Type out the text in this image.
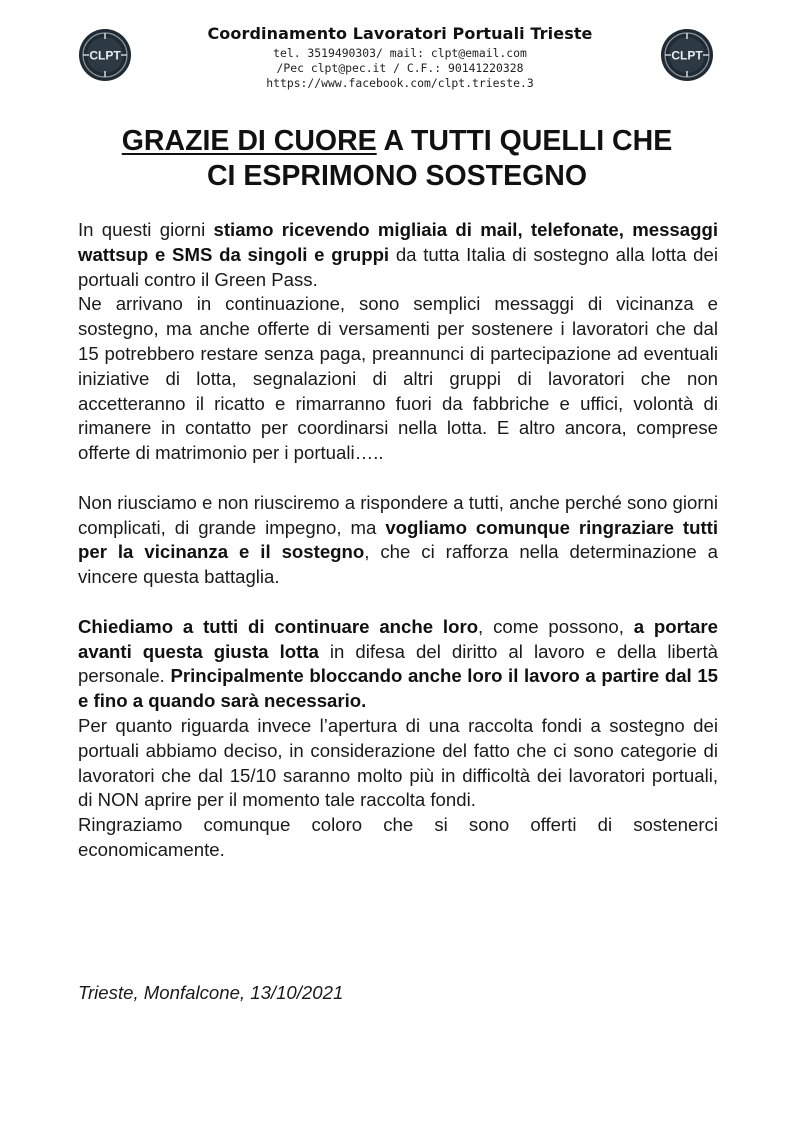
CLPT
Coordinamento Lavoratori Portuali Trieste
tel. 3519490303/ mail: clpt@email.com
/Pec clpt@pec.it / C.F.: 90141220328
https://www.facebook.com/clpt.trieste.3
CLPT
GRAZIE DI CUORE A TUTTI QUELLI CHE
CI ESPRIMONO SOSTEGNO

In questi giorni stiamo ricevendo migliaia di mail, telefonate, messaggi wattsup e SMS da singoli e gruppi da tutta Italia di sostegno alla lotta dei portuali contro il Green Pass.

Ne arrivano in continuazione, sono semplici messaggi di vicinanza e sostegno, ma anche offerte di versamenti per sostenere i lavoratori che dal 15 potrebbero restare senza paga, preannunci di partecipazione ad eventuali iniziative di lotta, segnalazioni di altri gruppi di lavoratori che non accetteranno il ricatto e rimarranno fuori da fabbriche e uffici, volontà di rimanere in contatto per coordinarsi nella lotta. E altro ancora, comprese offerte di matrimonio per i portuali…..

Non riusciamo e non riusciremo a rispondere a tutti, anche perché sono giorni complicati, di grande impegno, ma vogliamo comunque ringraziare tutti per la vicinanza e il sostegno, che ci rafforza nella determinazione a vincere questa battaglia.

Chiediamo a tutti di continuare anche loro, come possono, a portare avanti questa giusta lotta in difesa del diritto al lavoro e della libertà personale. Principalmente bloccando anche loro il lavoro a partire dal 15 e fino a quando sarà necessario.

Per quanto riguarda invece l’apertura di una raccolta fondi a sostegno dei portuali abbiamo deciso, in considerazione del fatto che ci sono categorie di lavoratori che dal 15/10 saranno molto più in difficoltà dei lavoratori portuali, di NON aprire per il momento tale raccolta fondi.

Ringraziamo comunque coloro che si sono offerti di sostenerci economicamente.

Trieste, Monfalcone, 13/10/2021
